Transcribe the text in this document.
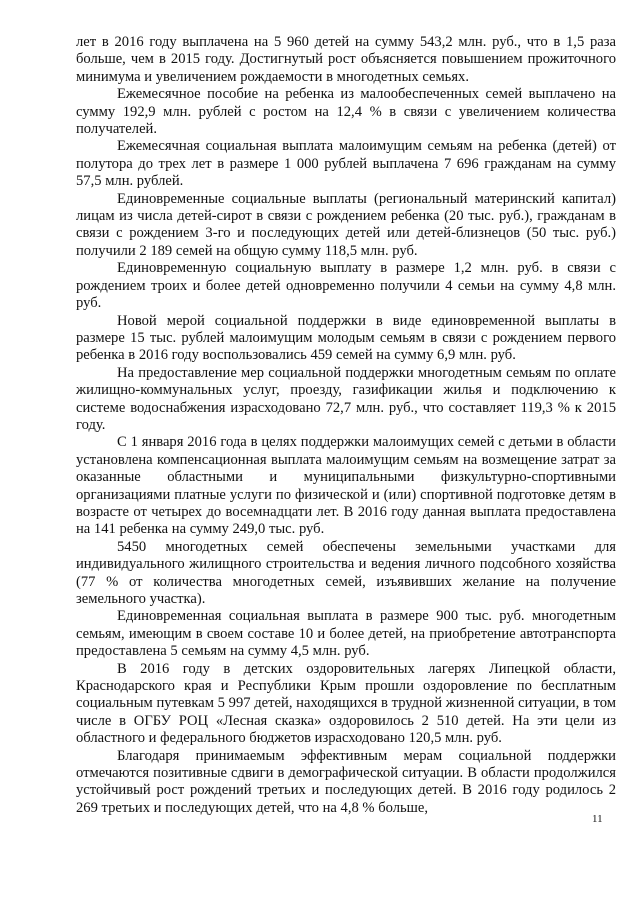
лет в 2016 году выплачена на 5 960 детей на сумму 543,2 млн. руб., что в 1,5 раза больше, чем в 2015 году. Достигнутый рост объясняется повышением прожиточного минимума и увеличением рождаемости в многодетных семьях.

Ежемесячное пособие на ребенка из малообеспеченных семей выплачено на сумму 192,9 млн. рублей с ростом на 12,4 % в связи с увеличением количества получателей.

Ежемесячная социальная выплата малоимущим семьям на ребенка (детей) от полутора до трех лет в размере 1 000 рублей выплачена 7 696 гражданам на сумму 57,5 млн. рублей.

Единовременные социальные выплаты (региональный материнский капитал) лицам из числа детей-сирот в связи с рождением ребенка (20 тыс. руб.), гражданам в связи с рождением 3-го и последующих детей или детей-близнецов (50 тыс. руб.) получили 2 189 семей на общую сумму 118,5 млн. руб.

Единовременную социальную выплату в размере 1,2 млн. руб. в связи с рождением троих и более детей одновременно получили 4 семьи на сумму 4,8 млн. руб.

Новой мерой социальной поддержки в виде единовременной выплаты в размере 15 тыс. рублей малоимущим молодым семьям в связи с рождением первого ребенка в 2016 году воспользовались 459 семей на сумму 6,9 млн. руб.

На предоставление мер социальной поддержки многодетным семьям по оплате жилищно-коммунальных услуг, проезду, газификации жилья и подключению к системе водоснабжения израсходовано 72,7 млн. руб., что составляет 119,3 % к 2015 году.

С 1 января 2016 года в целях поддержки малоимущих семей с детьми в области установлена компенсационная выплата малоимущим семьям на возмещение затрат за оказанные областными и муниципальными физкультурно-спортивными организациями платные услуги по физической и (или) спортивной подготовке детям в возрасте от четырех до восемнадцати лет. В 2016 году данная выплата предоставлена на 141 ребенка на сумму 249,0 тыс. руб.

5450 многодетных семей обеспечены земельными участками для индивидуального жилищного строительства и ведения личного подсобного хозяйства (77 % от количества многодетных семей, изъявивших желание на получение земельного участка).

Единовременная социальная выплата в размере 900 тыс. руб. многодетным семьям, имеющим в своем составе 10 и более детей, на приобретение автотранспорта предоставлена 5 семьям на сумму 4,5 млн. руб.

В 2016 году в детских оздоровительных лагерях Липецкой области, Краснодарского края и Республики Крым прошли оздоровление по бесплатным социальным путевкам 5 997 детей, находящихся в трудной жизненной ситуации, в том числе в ОГБУ РОЦ «Лесная сказка» оздоровилось 2 510 детей. На эти цели из областного и федерального бюджетов израсходовано 120,5 млн. руб.

Благодаря принимаемым эффективным мерам социальной поддержки отмечаются позитивные сдвиги в демографической ситуации. В области продолжился устойчивый рост рождений третьих и последующих детей. В 2016 году родилось 2 269 третьих и последующих детей, что на 4,8 % больше,

11
